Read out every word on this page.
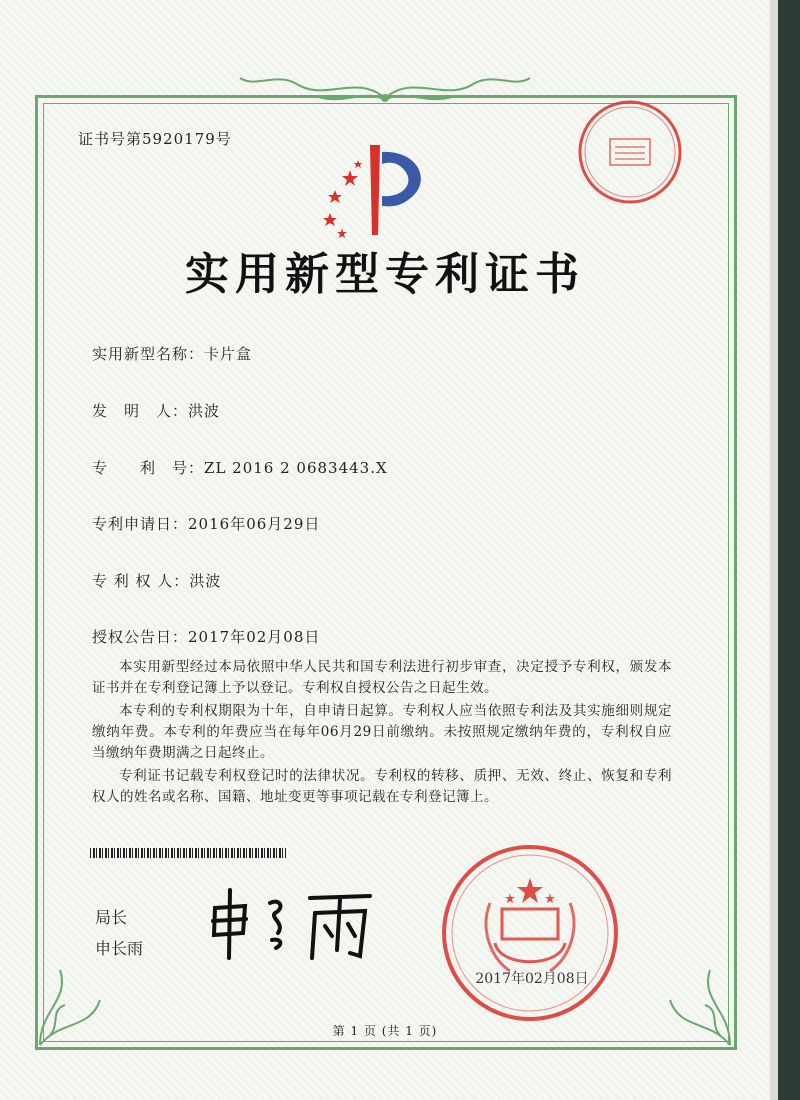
证书号第5920179号
实用新型专利证书
实用新型名称：卡片盒
发　明　人：洪波
专　　利　号：ZL 2016 2 0683443.X
专利申请日：2016年06月29日
专 利 权 人：洪波
授权公告日：2017年02月08日
本实用新型经过本局依照中华人民共和国专利法进行初步审查，决定授予专利权，颁发本证书并在专利登记簿上予以登记。专利权自授权公告之日起生效。
本专利的专利权期限为十年，自申请日起算。专利权人应当依照专利法及其实施细则规定缴纳年费。本专利的年费应当在每年06月29日前缴纳。未按照规定缴纳年费的，专利权自应当缴纳年费期满之日起终止。
专利证书记载专利权登记时的法律状况。专利权的转移、质押、无效、终止、恢复和专利权人的姓名或名称、国籍、地址变更等事项记载在专利登记簿上。
局长
申长雨
2017年02月08日
第 1 页 (共 1 页)
